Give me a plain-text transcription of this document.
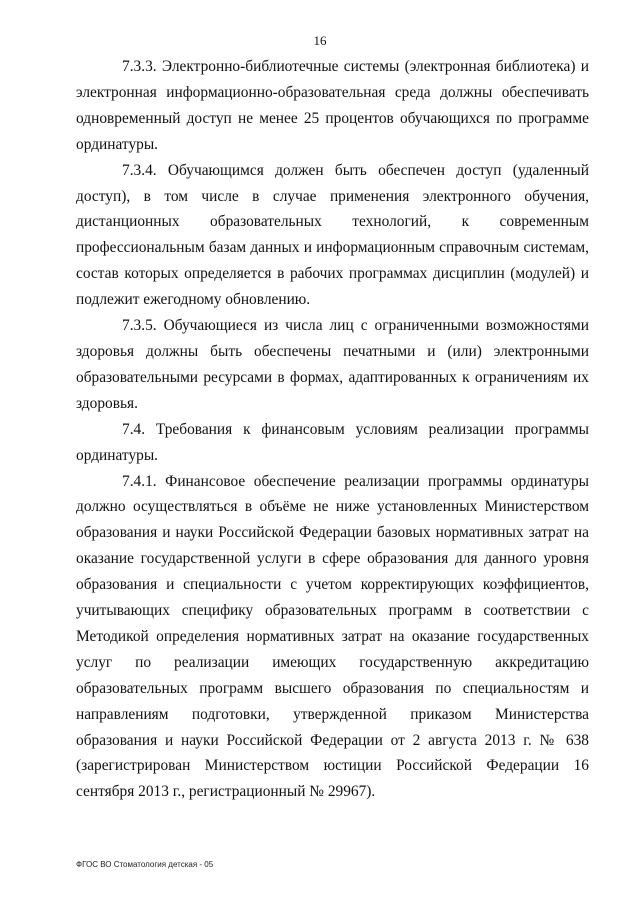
16

7.3.3. Электронно-библиотечные системы (электронная библиотека) и электронная информационно-образовательная среда должны обеспечивать одновременный доступ не менее 25 процентов обучающихся по программе ординатуры.

7.3.4. Обучающимся должен быть обеспечен доступ (удаленный доступ), в том числе в случае применения электронного обучения, дистанционных образовательных технологий, к современным профессиональным базам данных и информационным справочным системам, состав которых определяется в рабочих программах дисциплин (модулей) и подлежит ежегодному обновлению.

7.3.5. Обучающиеся из числа лиц с ограниченными возможностями здоровья должны быть обеспечены печатными и (или) электронными образовательными ресурсами в формах, адаптированных к ограничениям их здоровья.

7.4. Требования к финансовым условиям реализации программы ординатуры.

7.4.1. Финансовое обеспечение реализации программы ординатуры должно осуществляться в объёме не ниже установленных Министерством образования и науки Российской Федерации базовых нормативных затрат на оказание государственной услуги в сфере образования для данного уровня образования и специальности с учетом корректирующих коэффициентов, учитывающих специфику образовательных программ в соответствии с Методикой определения нормативных затрат на оказание государственных услуг по реализации имеющих государственную аккредитацию образовательных программ высшего образования по специальностям и направлениям подготовки, утвержденной приказом Министерства образования и науки Российской Федерации от 2 августа 2013 г. № 638 (зарегистрирован Министерством юстиции Российской Федерации 16 сентября 2013 г., регистрационный № 29967).

ФГОС ВО Стоматология детская - 05
